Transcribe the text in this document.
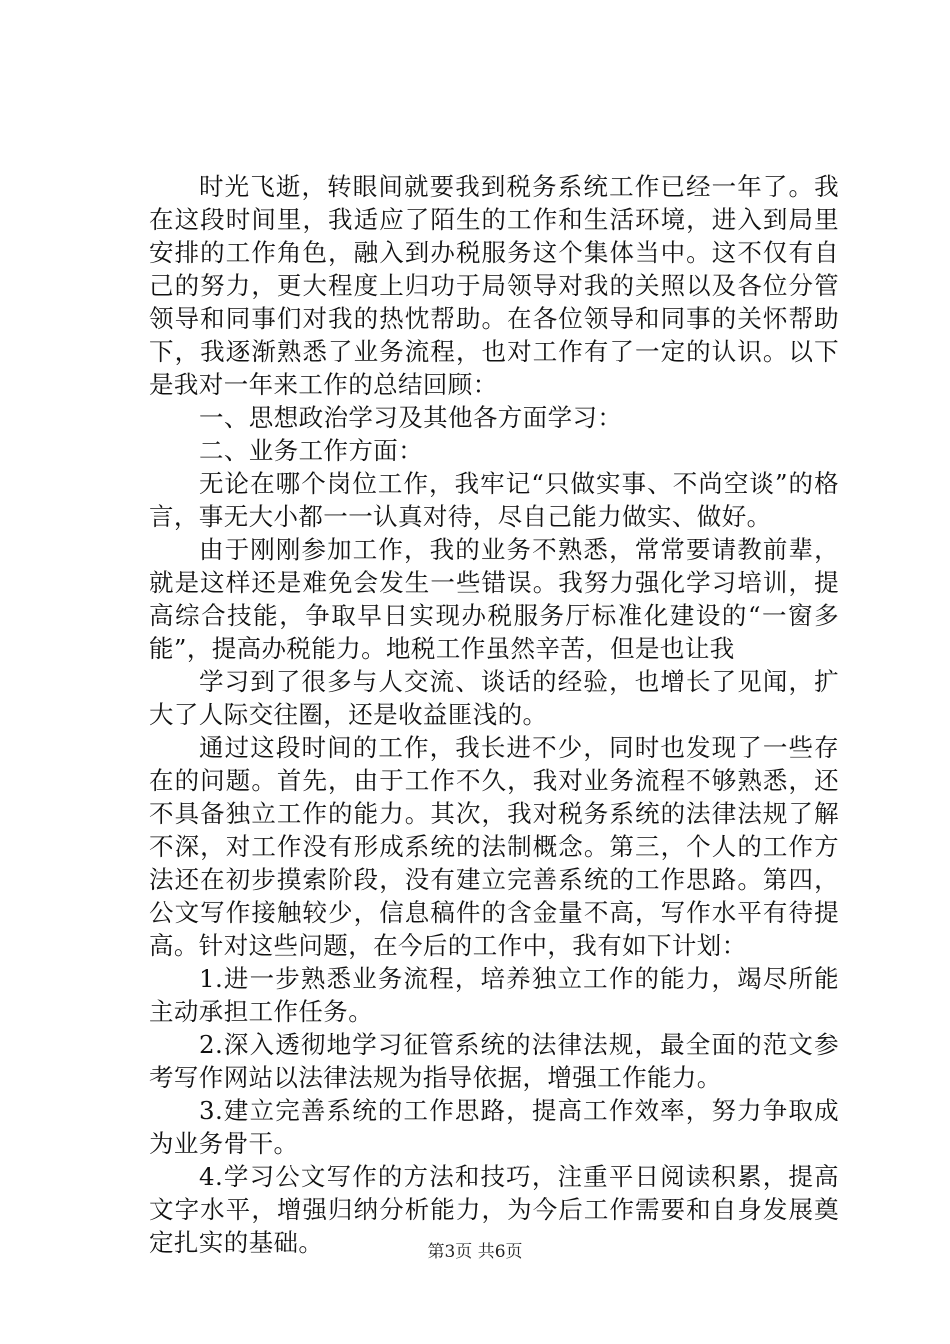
时光飞逝，转眼间就要我到税务系统工作已经一年了。我在这段时间里，我适应了陌生的工作和生活环境，进入到局里安排的工作角色，融入到办税服务这个集体当中。这不仅有自己的努力，更大程度上归功于局领导对我的关照以及各位分管领导和同事们对我的热忱帮助。在各位领导和同事的关怀帮助下，我逐渐熟悉了业务流程，也对工作有了一定的认识。以下是我对一年来工作的总结回顾：

一、思想政治学习及其他各方面学习：

二、业务工作方面：

无论在哪个岗位工作，我牢记“只做实事、不尚空谈”的格言，事无大小都一一认真对待，尽自己能力做实、做好。

由于刚刚参加工作，我的业务不熟悉，常常要请教前辈，就是这样还是难免会发生一些错误。我努力强化学习培训，提高综合技能，争取早日实现办税服务厅标准化建设的“一窗多能”，提高办税能力。地税工作虽然辛苦，但是也让我

学习到了很多与人交流、谈话的经验，也增长了见闻，扩大了人际交往圈，还是收益匪浅的。

通过这段时间的工作，我长进不少，同时也发现了一些存在的问题。首先，由于工作不久，我对业务流程不够熟悉，还不具备独立工作的能力。其次，我对税务系统的法律法规了解不深，对工作没有形成系统的法制概念。第三，个人的工作方法还在初步摸索阶段，没有建立完善系统的工作思路。第四，公文写作接触较少，信息稿件的含金量不高，写作水平有待提高。针对这些问题，在今后的工作中，我有如下计划：

1.进一步熟悉业务流程，培养独立工作的能力，竭尽所能主动承担工作任务。

2.深入透彻地学习征管系统的法律法规，最全面的范文参考写作网站以法律法规为指导依据，增强工作能力。

3.建立完善系统的工作思路，提高工作效率，努力争取成为业务骨干。

4.学习公文写作的方法和技巧，注重平日阅读积累，提高文字水平，增强归纳分析能力，为今后工作需要和自身发展奠定扎实的基础。	第3页 共6页
